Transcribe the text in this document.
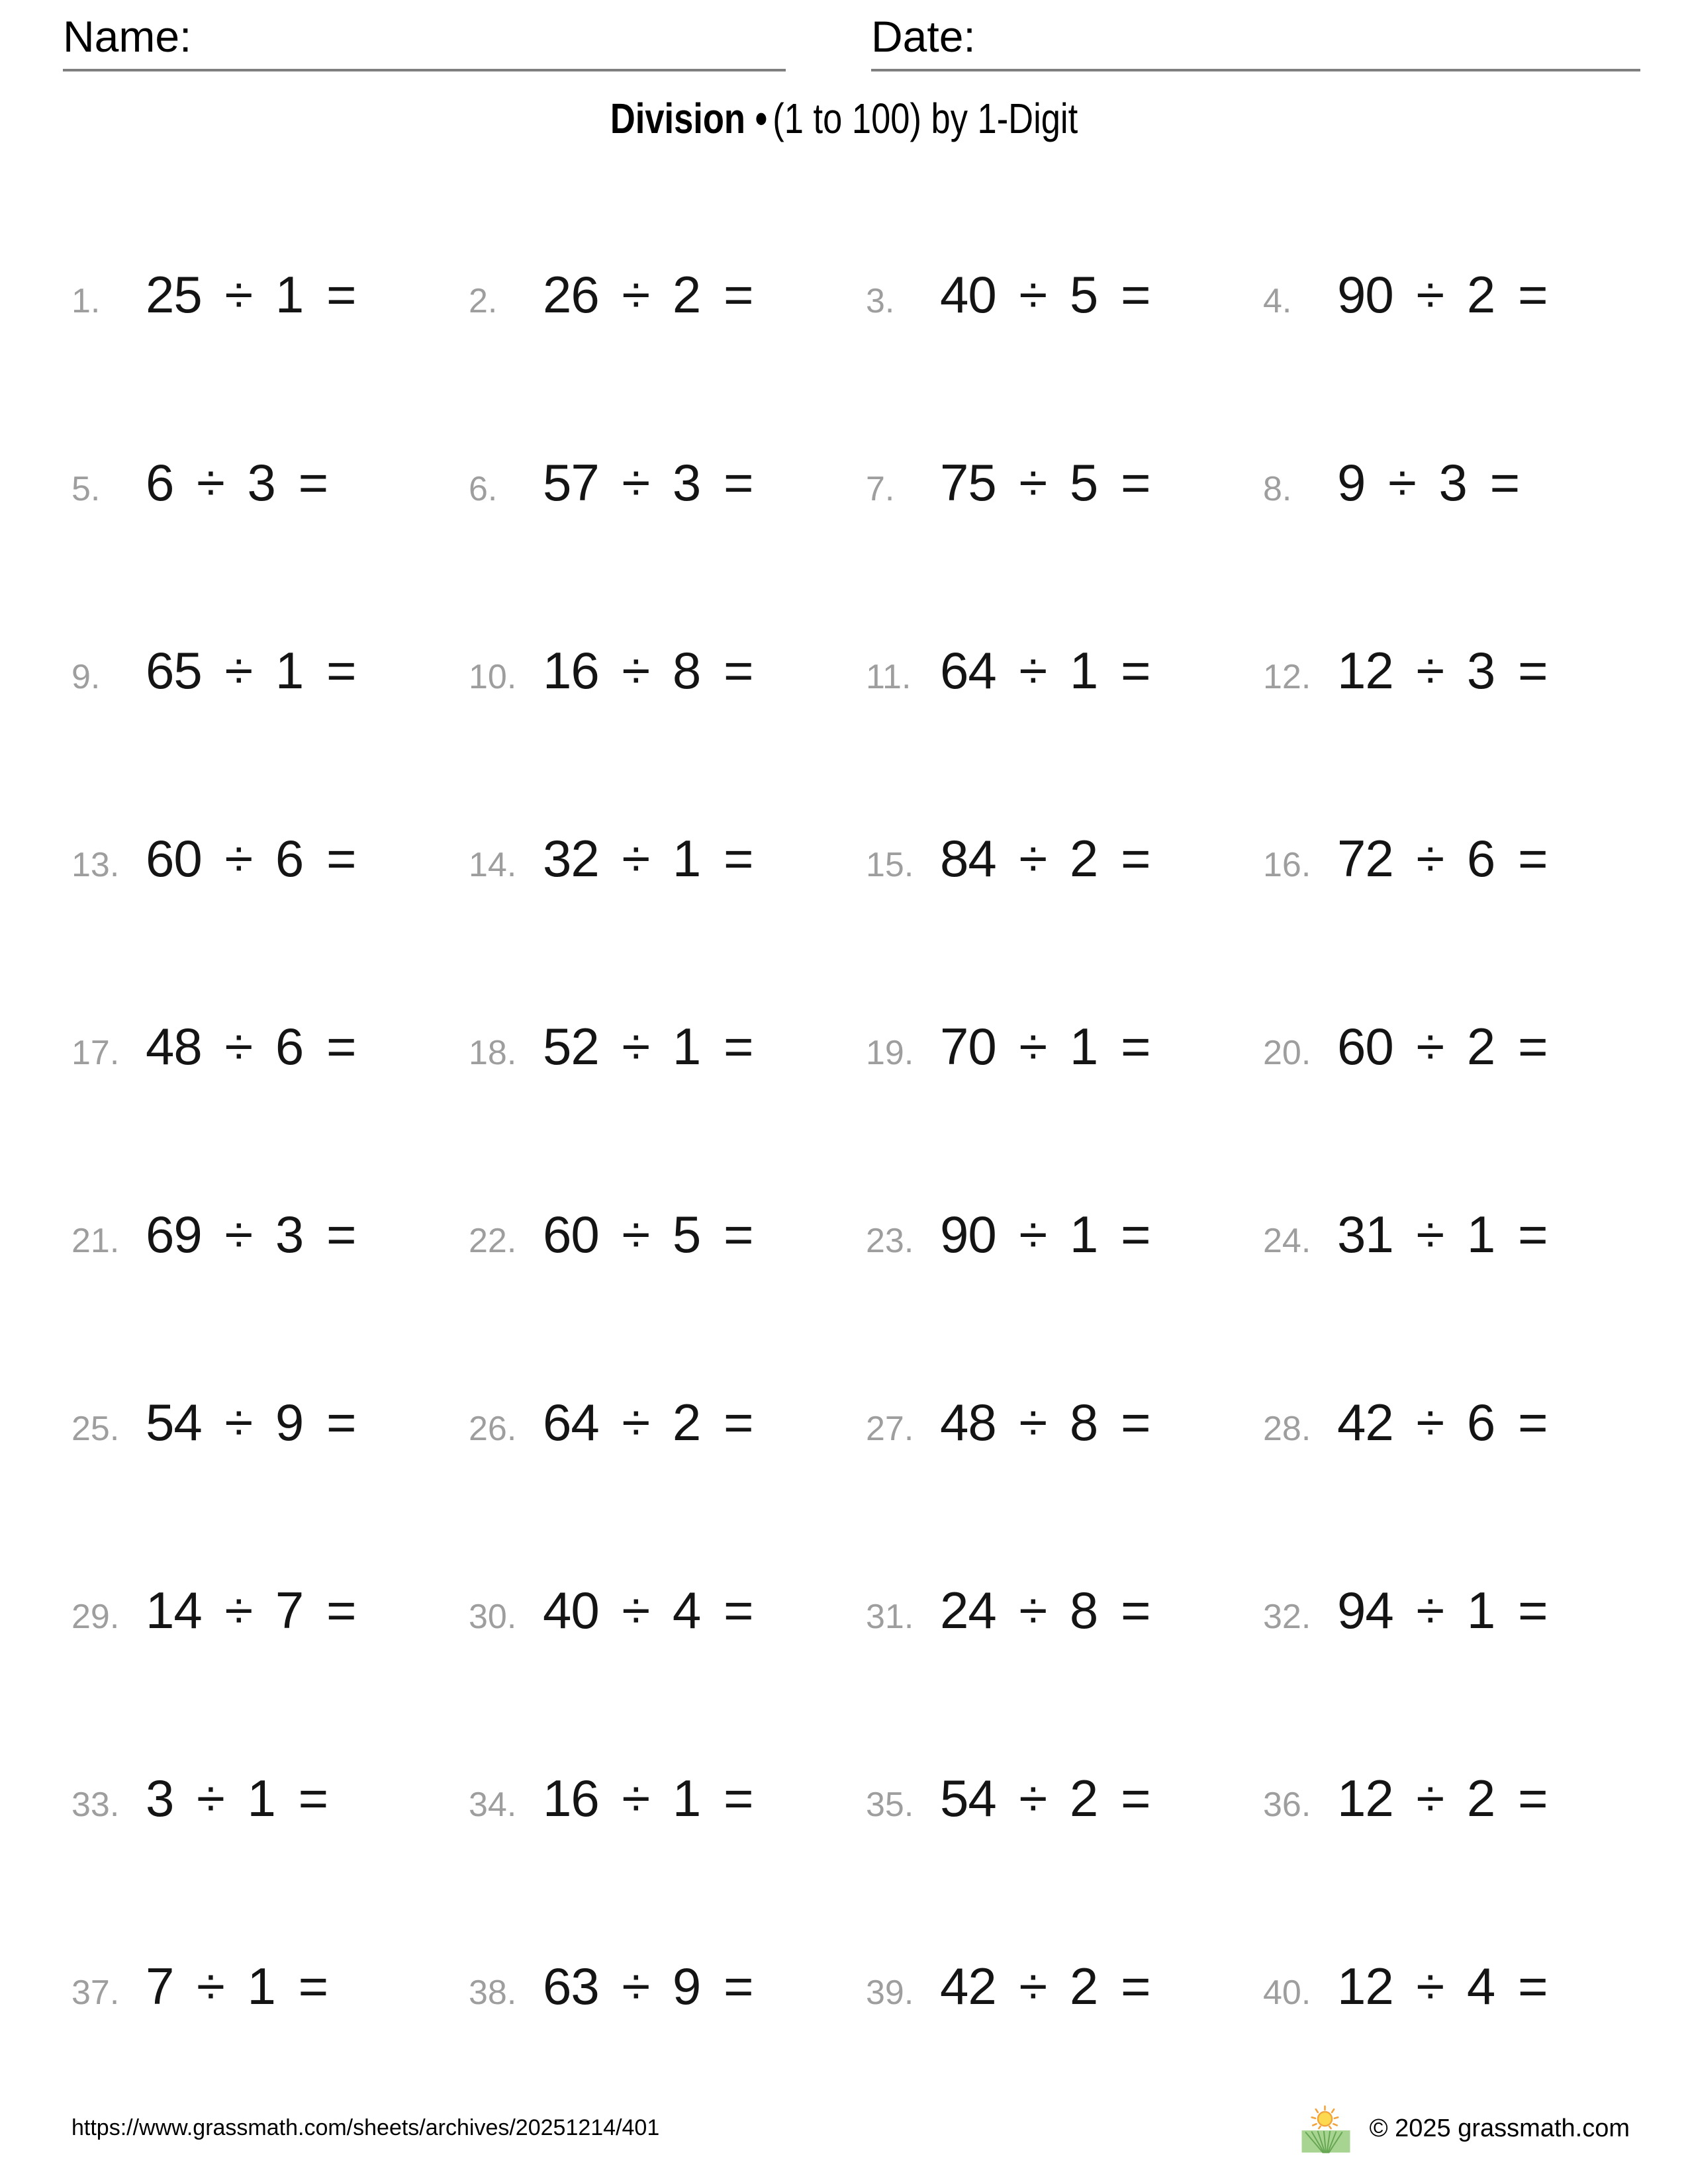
Name:	Date:
Division • (1 to 100) by 1-Digit
1. 25 ÷ 1 =	2. 26 ÷ 2 =	3. 40 ÷ 5 =	4. 90 ÷ 2 =
5. 6 ÷ 3 =	6. 57 ÷ 3 =	7. 75 ÷ 5 =	8. 9 ÷ 3 =
9. 65 ÷ 1 =	10. 16 ÷ 8 =	11. 64 ÷ 1 =	12. 12 ÷ 3 =
13. 60 ÷ 6 =	14. 32 ÷ 1 =	15. 84 ÷ 2 =	16. 72 ÷ 6 =
17. 48 ÷ 6 =	18. 52 ÷ 1 =	19. 70 ÷ 1 =	20. 60 ÷ 2 =
21. 69 ÷ 3 =	22. 60 ÷ 5 =	23. 90 ÷ 1 =	24. 31 ÷ 1 =
25. 54 ÷ 9 =	26. 64 ÷ 2 =	27. 48 ÷ 8 =	28. 42 ÷ 6 =
29. 14 ÷ 7 =	30. 40 ÷ 4 =	31. 24 ÷ 8 =	32. 94 ÷ 1 =
33. 3 ÷ 1 =	34. 16 ÷ 1 =	35. 54 ÷ 2 =	36. 12 ÷ 2 =
37. 7 ÷ 1 =	38. 63 ÷ 9 =	39. 42 ÷ 2 =	40. 12 ÷ 4 =
https://www.grassmath.com/sheets/archives/20251214/401	© 2025 grassmath.com
